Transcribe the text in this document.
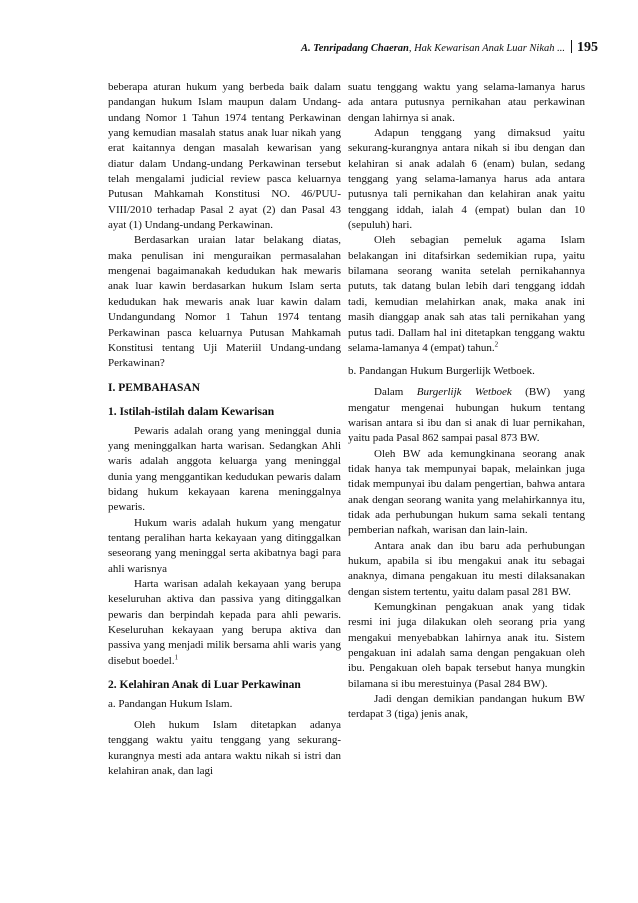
A. Tenripadang Chaeran, Hak Kewarisan Anak Luar Nikah ... 195

beberapa aturan hukum yang berbeda baik dalam pandangan hukum Islam maupun dalam Undang-undang Nomor 1 Tahun 1974 tentang Perkawinan yang kemudian masalah status anak luar nikah yang erat kaitannya dengan masalah kewarisan yang diatur dalam Undang-undang Perkawinan tersebut telah mengalami judicial review pasca keluarnya Putusan Mahkamah Konstitusi NO. 46/PUU-VIII/2010 terhadap Pasal 2 ayat (2) dan Pasal 43 ayat (1) Undang-undang Perkawinan.

Berdasarkan uraian latar belakang diatas, maka penulisan ini menguraikan permasalahan mengenai bagaimanakah kedudukan hak mewaris anak luar kawin berdasarkan hukum Islam serta kedudukan hak mewaris anak luar kawin dalam Undangundang Nomor 1 Tahun 1974 tentang Perkawinan pasca keluarnya Putusan Mahkamah Konstitusi tentang Uji Materiil Undang-undang Perkawinan?

I. PEMBAHASAN
1. Istilah-istilah dalam Kewarisan

Pewaris adalah orang yang meninggal dunia yang meninggalkan harta warisan. Sedangkan Ahli waris adalah anggota keluarga yang meninggal dunia yang menggantikan kedudukan pewaris dalam bidang hukum kekayaan karena meninggalnya pewaris.

Hukum waris adalah hukum yang mengatur tentang peralihan harta kekayaan yang ditinggalkan seseorang yang meninggal serta akibatnya bagi para ahli warisnya

Harta warisan adalah kekayaan yang berupa keseluruhan aktiva dan passiva yang ditinggalkan pewaris dan berpindah kepada para ahli pewaris. Keseluruhan kekayaan yang berupa aktiva dan passiva yang menjadi milik bersama ahli waris yang disebut boedel.$^1$

2. Kelahiran Anak di Luar Perkawinan
a. Pandangan Hukum Islam.

Oleh hukum Islam ditetapkan adanya tenggang waktu yaitu tenggang yang sekurang-kurangnya mesti ada antara waktu nikah si istri dan kelahiran anak, dan lagi

suatu tenggang waktu yang selama-lamanya harus ada antara putusnya pernikahan atau perkawinan dengan lahirnya si anak.

Adapun tenggang yang dimaksud yaitu sekurang-kurangnya antara nikah si ibu dengan dan kelahiran si anak adalah 6 (enam) bulan, sedang tenggang yang selama-lamanya harus ada antara putusnya tali pernikahan dan kelahiran anak yaitu tenggang iddah, ialah 4 (empat) bulan dan 10 (sepuluh) hari.

Oleh sebagian pemeluk agama Islam belakangan ini ditafsirkan sedemikian rupa, yaitu bilamana seorang wanita setelah pernikahannya pututs, tak datang bulan lebih dari tenggang iddah tadi, kemudian melahirkan anak, maka anak ini masih dianggap anak sah atas tali pernikahan yang putus tadi. Dallam hal ini ditetapkan tenggang waktu selama-lamanya 4 (empat) tahun.$^2$

b. Pandangan Hukum Burgerlijk Wetboek.

Dalam Burgerlijk Wetboek (BW) yang mengatur mengenai hubungan hukum tentang warisan antara si ibu dan si anak di luar pernikahan, yaitu pada Pasal 862 sampai pasal 873 BW.

Oleh BW ada kemungkinana seorang anak tidak hanya tak mempunyai bapak, melainkan juga tidak mempunyai ibu dalam pengertian, bahwa antara anak dengan seorang wanita yang melahirkannya itu, tidak ada perhubungan hukum sama sekali tentang pemberian nafkah, warisan dan lain-lain.

Antara anak dan ibu baru ada perhubungan hukum, apabila si ibu mengakui anak itu sebagai anaknya, dimana pengakuan itu mesti dilaksanakan dengan sistem tertentu, yaitu dalam pasal 281 BW.

Kemungkinan pengakuan anak yang tidak resmi ini juga dilakukan oleh seorang pria yang mengakui menyebabkan lahirnya anak itu. Sistem pengakuan ini adalah sama dengan pengakuan oleh ibu. Pengakuan oleh bapak tersebut hanya mungkin bilamana si ibu merestuinya (Pasal 284 BW).

Jadi dengan demikian pandangan hukum BW terdapat 3 (tiga) jenis anak,
